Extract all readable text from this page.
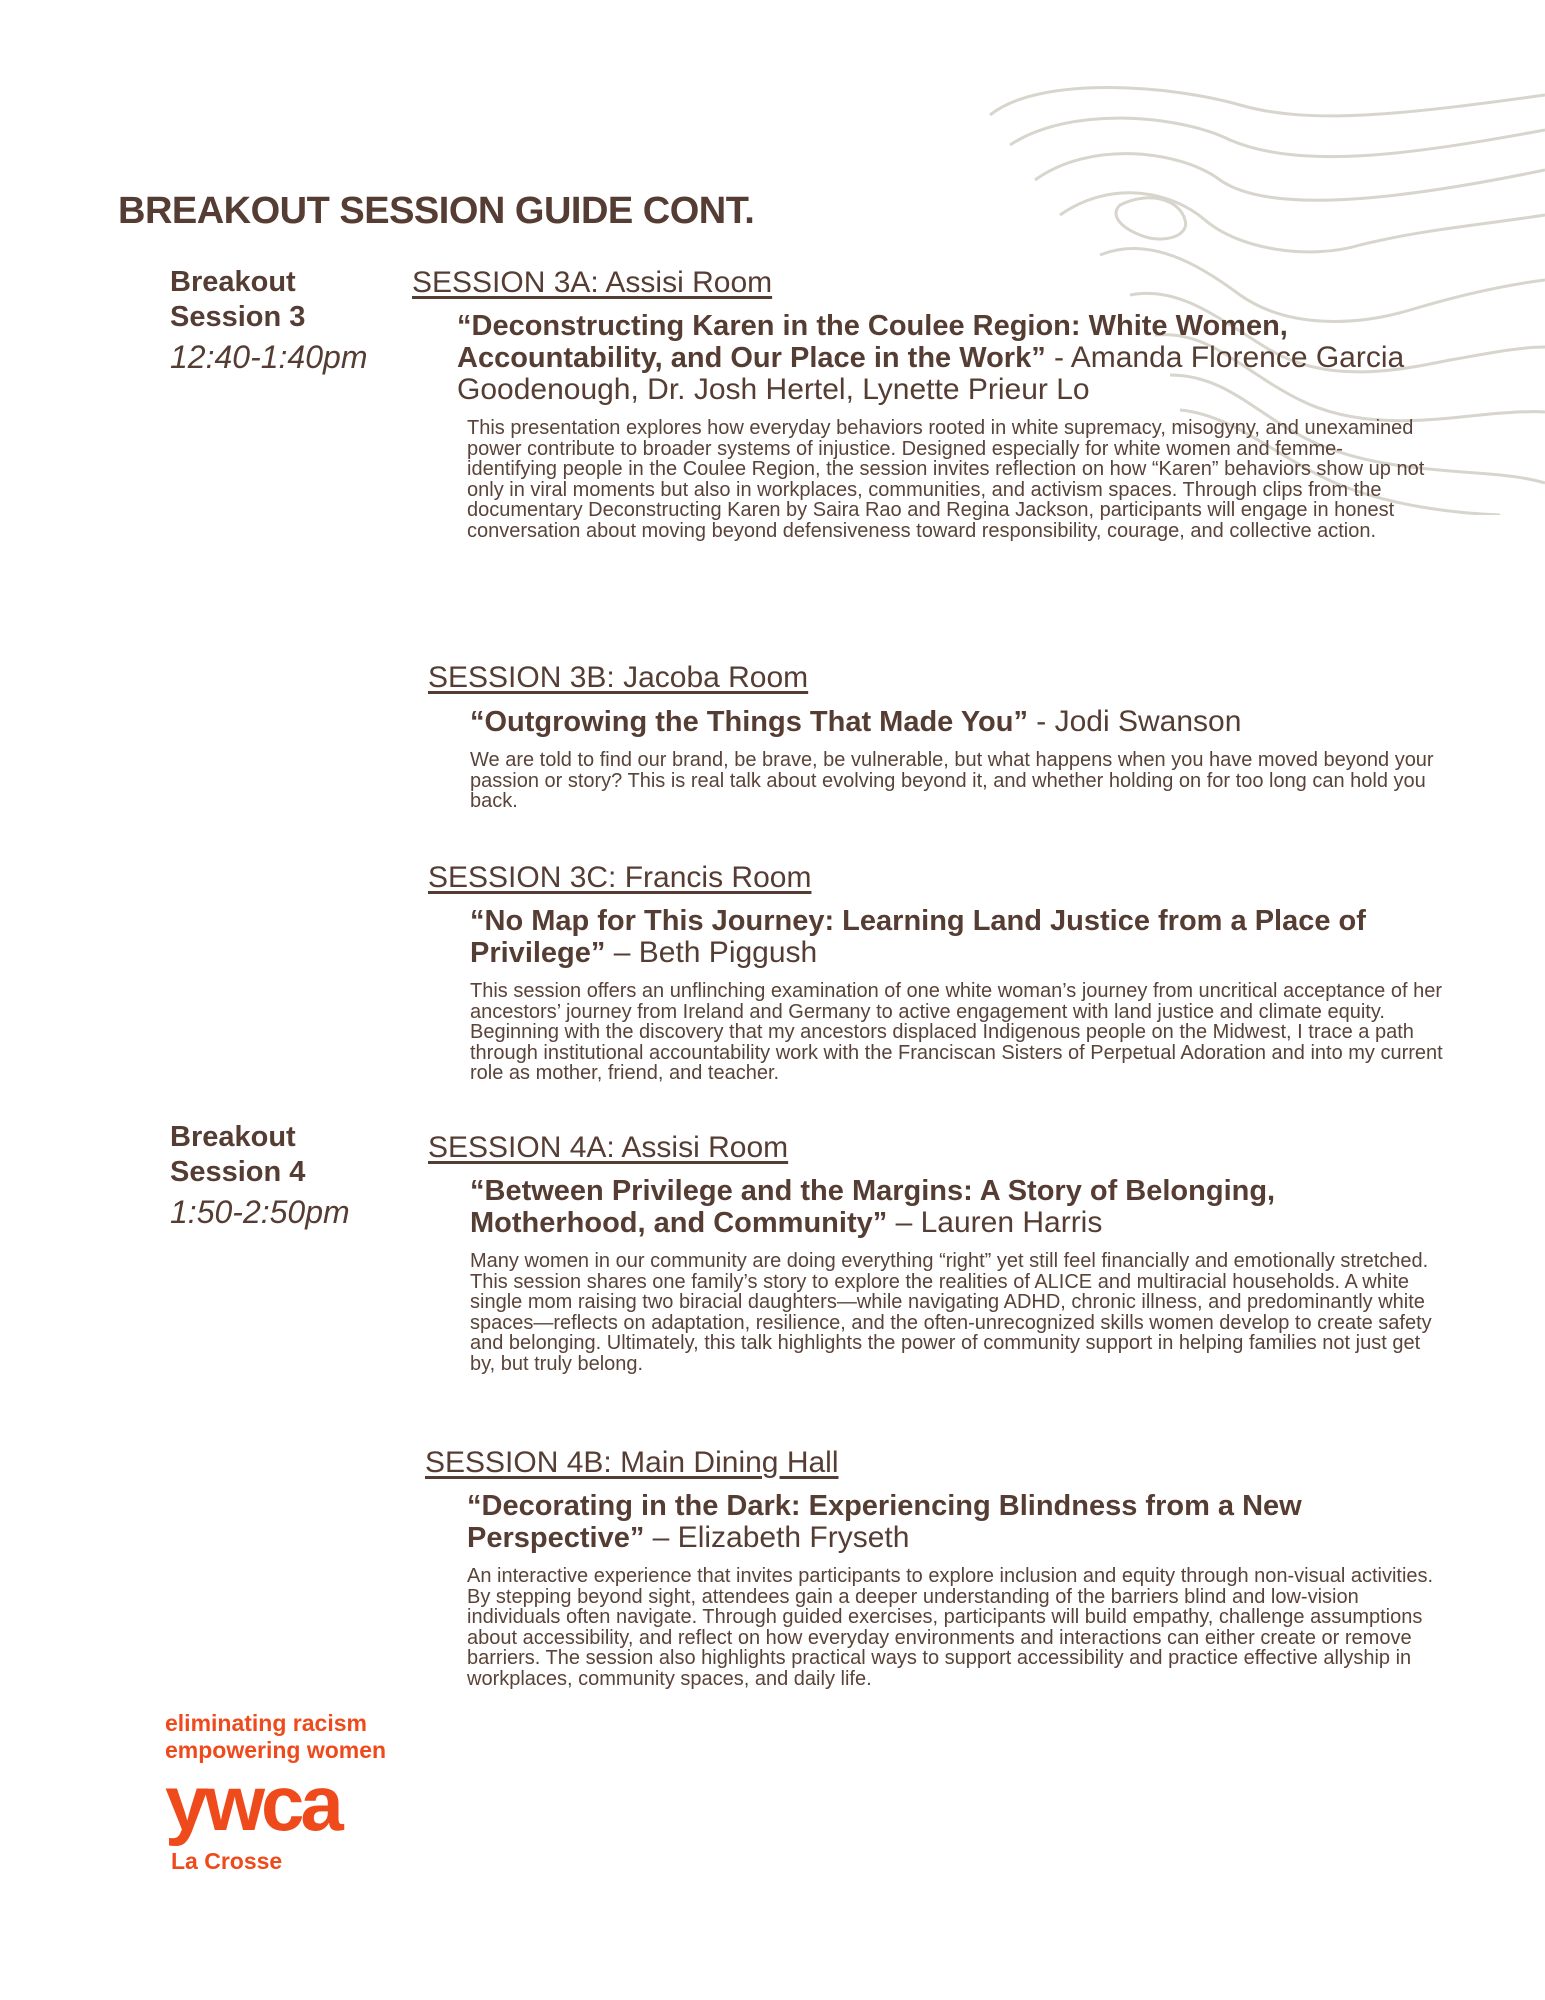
BREAKOUT SESSION GUIDE CONT.
Breakout Session 3
12:40-1:40pm
Breakout Session 4
1:50-2:50pm
SESSION 3A: Assisi Room
“Deconstructing Karen in the Coulee Region: White Women, Accountability, and Our Place in the Work” - Amanda Florence Garcia Goodenough, Dr. Josh Hertel, Lynette Prieur Lo
This presentation explores how everyday behaviors rooted in white supremacy, misogyny, and unexamined power contribute to broader systems of injustice. Designed especially for white women and femme-identifying people in the Coulee Region, the session invites reflection on how “Karen” behaviors show up not only in viral moments but also in workplaces, communities, and activism spaces. Through clips from the documentary Deconstructing Karen by Saira Rao and Regina Jackson, participants will engage in honest conversation about moving beyond defensiveness toward responsibility, courage, and collective action.
SESSION 3B: Jacoba Room
“Outgrowing the Things That Made You” - Jodi Swanson
We are told to find our brand, be brave, be vulnerable, but what happens when you have moved beyond your passion or story? This is real talk about evolving beyond it, and whether holding on for too long can hold you back.
SESSION 3C: Francis Room
“No Map for This Journey: Learning Land Justice from a Place of Privilege” – Beth Piggush
This session offers an unflinching examination of one white woman’s journey from uncritical acceptance of her ancestors’ journey from Ireland and Germany to active engagement with land justice and climate equity. Beginning with the discovery that my ancestors displaced Indigenous people on the Midwest, I trace a path through institutional accountability work with the Franciscan Sisters of Perpetual Adoration and into my current role as mother, friend, and teacher.
SESSION 4A: Assisi Room
“Between Privilege and the Margins: A Story of Belonging, Motherhood, and Community” – Lauren Harris
Many women in our community are doing everything “right” yet still feel financially and emotionally stretched. This session shares one family’s story to explore the realities of ALICE and multiracial households. A white single mom raising two biracial daughters—while navigating ADHD, chronic illness, and predominantly white spaces—reflects on adaptation, resilience, and the often-unrecognized skills women develop to create safety and belonging. Ultimately, this talk highlights the power of community support in helping families not just get by, but truly belong.
SESSION 4B: Main Dining Hall
“Decorating in the Dark: Experiencing Blindness from a New Perspective” – Elizabeth Fryseth
An interactive experience that invites participants to explore inclusion and equity through non-visual activities. By stepping beyond sight, attendees gain a deeper understanding of the barriers blind and low-vision individuals often navigate. Through guided exercises, participants will build empathy, challenge assumptions about accessibility, and reflect on how everyday environments and interactions can either create or remove barriers. The session also highlights practical ways to support accessibility and practice effective allyship in workplaces, community spaces, and daily life.
eliminating racism
empowering women
ywca
La Crosse
